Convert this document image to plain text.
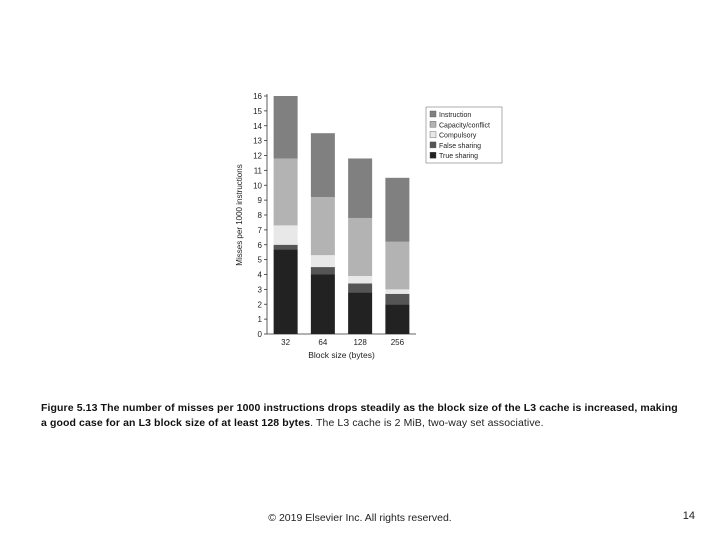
0
1
2
3
4
5
6
7
8
9
10
11
12
13
14
15
16
Misses per 1000 instructions
32	64	128	256
Block size (bytes)
Instruction
Capacity/conflict
Compulsory
False sharing
True sharing
Figure 5.13 The number of misses per 1000 instructions drops steadily as the block size of the L3 cache is increased, making a good case for an L3 block size of at least 128 bytes. The L3 cache is 2 MiB, two-way set associative.
© 2019 Elsevier Inc. All rights reserved.	14
